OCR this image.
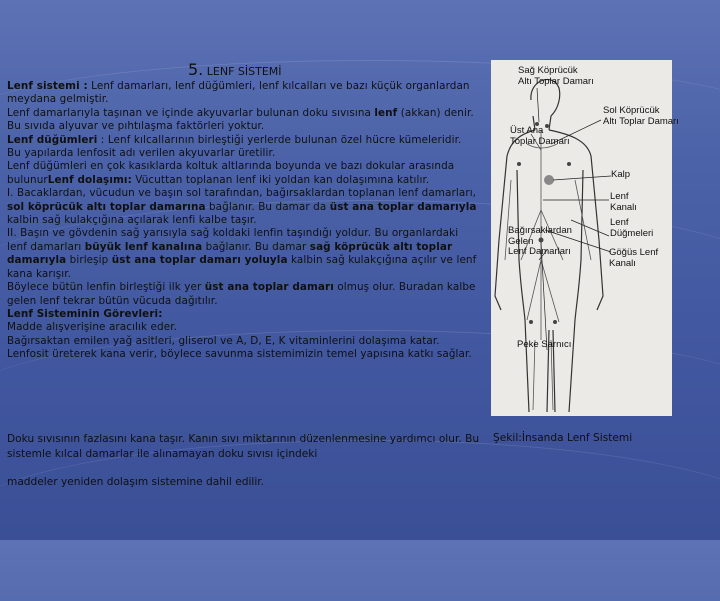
5. LENF SİSTEMİ

Lenf sistemi : Lenf damarları, lenf düğümleri, lenf kılcalları ve bazı küçük organlardan meydana gelmiştir.

Lenf damarlarıyla taşınan ve içinde akyuvarlar bulunan doku sıvısına lenf (akkan) denir. Bu sıvıda alyuvar ve pıhtılaşma faktörleri yoktur.

Lenf düğümleri : Lenf kılcallarının birleştiği yerlerde bulunan özel hücre kümeleridir. Bu yapılarda lenfosit adı verilen akyuvarlar üretilir.

Lenf düğümleri en çok kasıklarda koltuk altlarında boyunda ve bazı dokular arasında bulunurLenf dolaşımı: Vücuttan toplanan lenf iki yoldan kan dolaşımına katılır.

I. Bacaklardan, vücudun ve başın sol tarafından, bağırsaklardan toplanan lenf damarları, sol köprücük altı toplar damarına bağlanır. Bu damar da üst ana toplar damarıyla kalbin sağ kulakçığına açılarak lenfi kalbe taşır.

II. Başın ve gövdenin sağ yarısıyla sağ koldaki lenfin taşındığı yoldur. Bu organlardaki lenf damarları büyük lenf kanalına bağlanır. Bu damar sağ köprücük altı toplar damarıyla birleşip üst ana toplar damarı yoluyla kalbin sağ kulakçığına açılır ve lenf kana karışır.

Böylece bütün lenfin birleştiği ilk yer üst ana toplar damarı olmuş olur. Buradan kalbe gelen lenf tekrar bütün vücuda dağıtılır.

Lenf Sisteminin Görevleri:

Madde alışverişine aracılık eder.

Bağırsaktan emilen yağ asitleri, gliserol ve A, D, E, K vitaminlerini dolaşıma katar.

Lenfosit üreterek kana verir, böylece savunma sistemimizin temel yapısına katkı sağlar.

Doku sıvısının fazlasını kana taşır. Kanın sıvı miktarının düzenlenmesine yardımcı olur. Bu sistemle kılcal damarlar ile alınamayan doku sıvısı içindeki

maddeler yeniden dolaşım sistemine dahil edilir.

Sağ Köprücük
Altı Toplar Damarı
Sol Köprücük
Altı Toplar Damarı
Üst Ana
Toplar Damarı
Kalp
Lenf
Kanalı
Lenf
Düğmeleri
Bağırsaklardan
Gelen
Lenf Damarları	Göğüs Lenf
Kanalı
Peke Sarnıcı
Şekil:İnsanda Lenf Sistemi
